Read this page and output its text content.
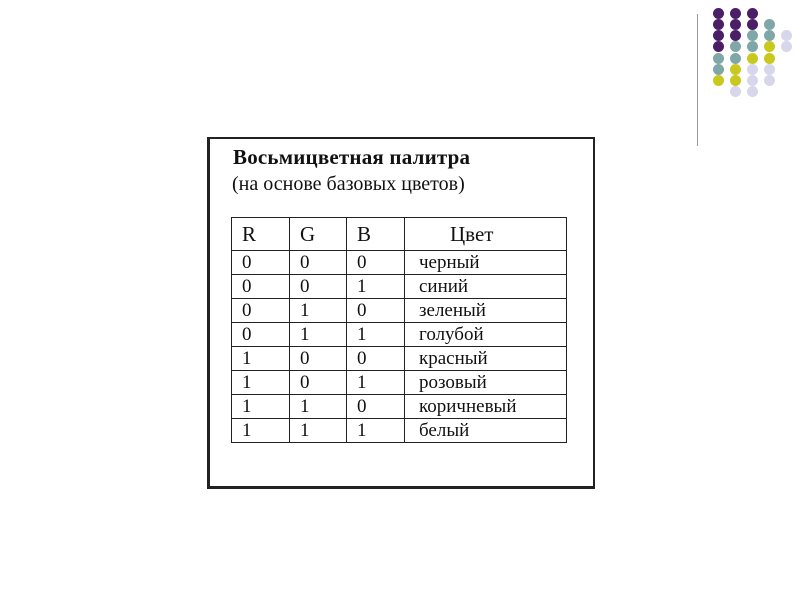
Восьмицветная палитра
(на основе базовых цветов)
R	G	B	Цвет
0	0	0	черный
0	0	1	синий
0	1	0	зеленый
0	1	1	голубой
1	0	0	красный
1	0	1	розовый
1	1	0	коричневый
1	1	1	белый
